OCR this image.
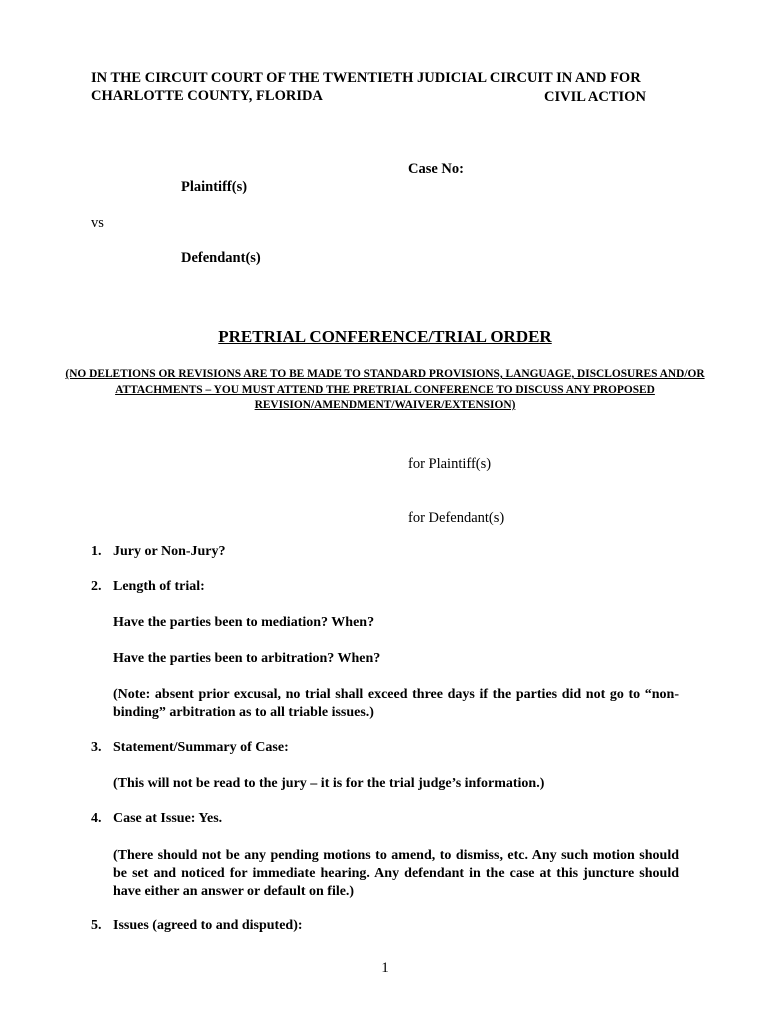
IN THE CIRCUIT COURT OF THE TWENTIETH JUDICIAL CIRCUIT IN AND FOR
CHARLOTTE COUNTY, FLORIDA	CIVIL ACTION
Case No:
Plaintiff(s)
vs
Defendant(s)
PRETRIAL CONFERENCE/TRIAL ORDER
(NO DELETIONS OR REVISIONS ARE TO BE MADE TO STANDARD PROVISIONS, LANGUAGE, DISCLOSURES AND/OR ATTACHMENTS – YOU MUST ATTEND THE PRETRIAL CONFERENCE TO DISCUSS ANY PROPOSED REVISION/AMENDMENT/WAIVER/EXTENSION)
for Plaintiff(s)
for Defendant(s)
1. Jury or Non-Jury?
2. Length of trial:
Have the parties been to mediation? When?
Have the parties been to arbitration? When?
(Note: absent prior excusal, no trial shall exceed three days if the parties did not go to “non-binding” arbitration as to all triable issues.)
3. Statement/Summary of Case:
(This will not be read to the jury – it is for the trial judge’s information.)
4. Case at Issue: Yes.
(There should not be any pending motions to amend, to dismiss, etc. Any such motion should be set and noticed for immediate hearing. Any defendant in the case at this juncture should have either an answer or default on file.)
5. Issues (agreed to and disputed):
1
